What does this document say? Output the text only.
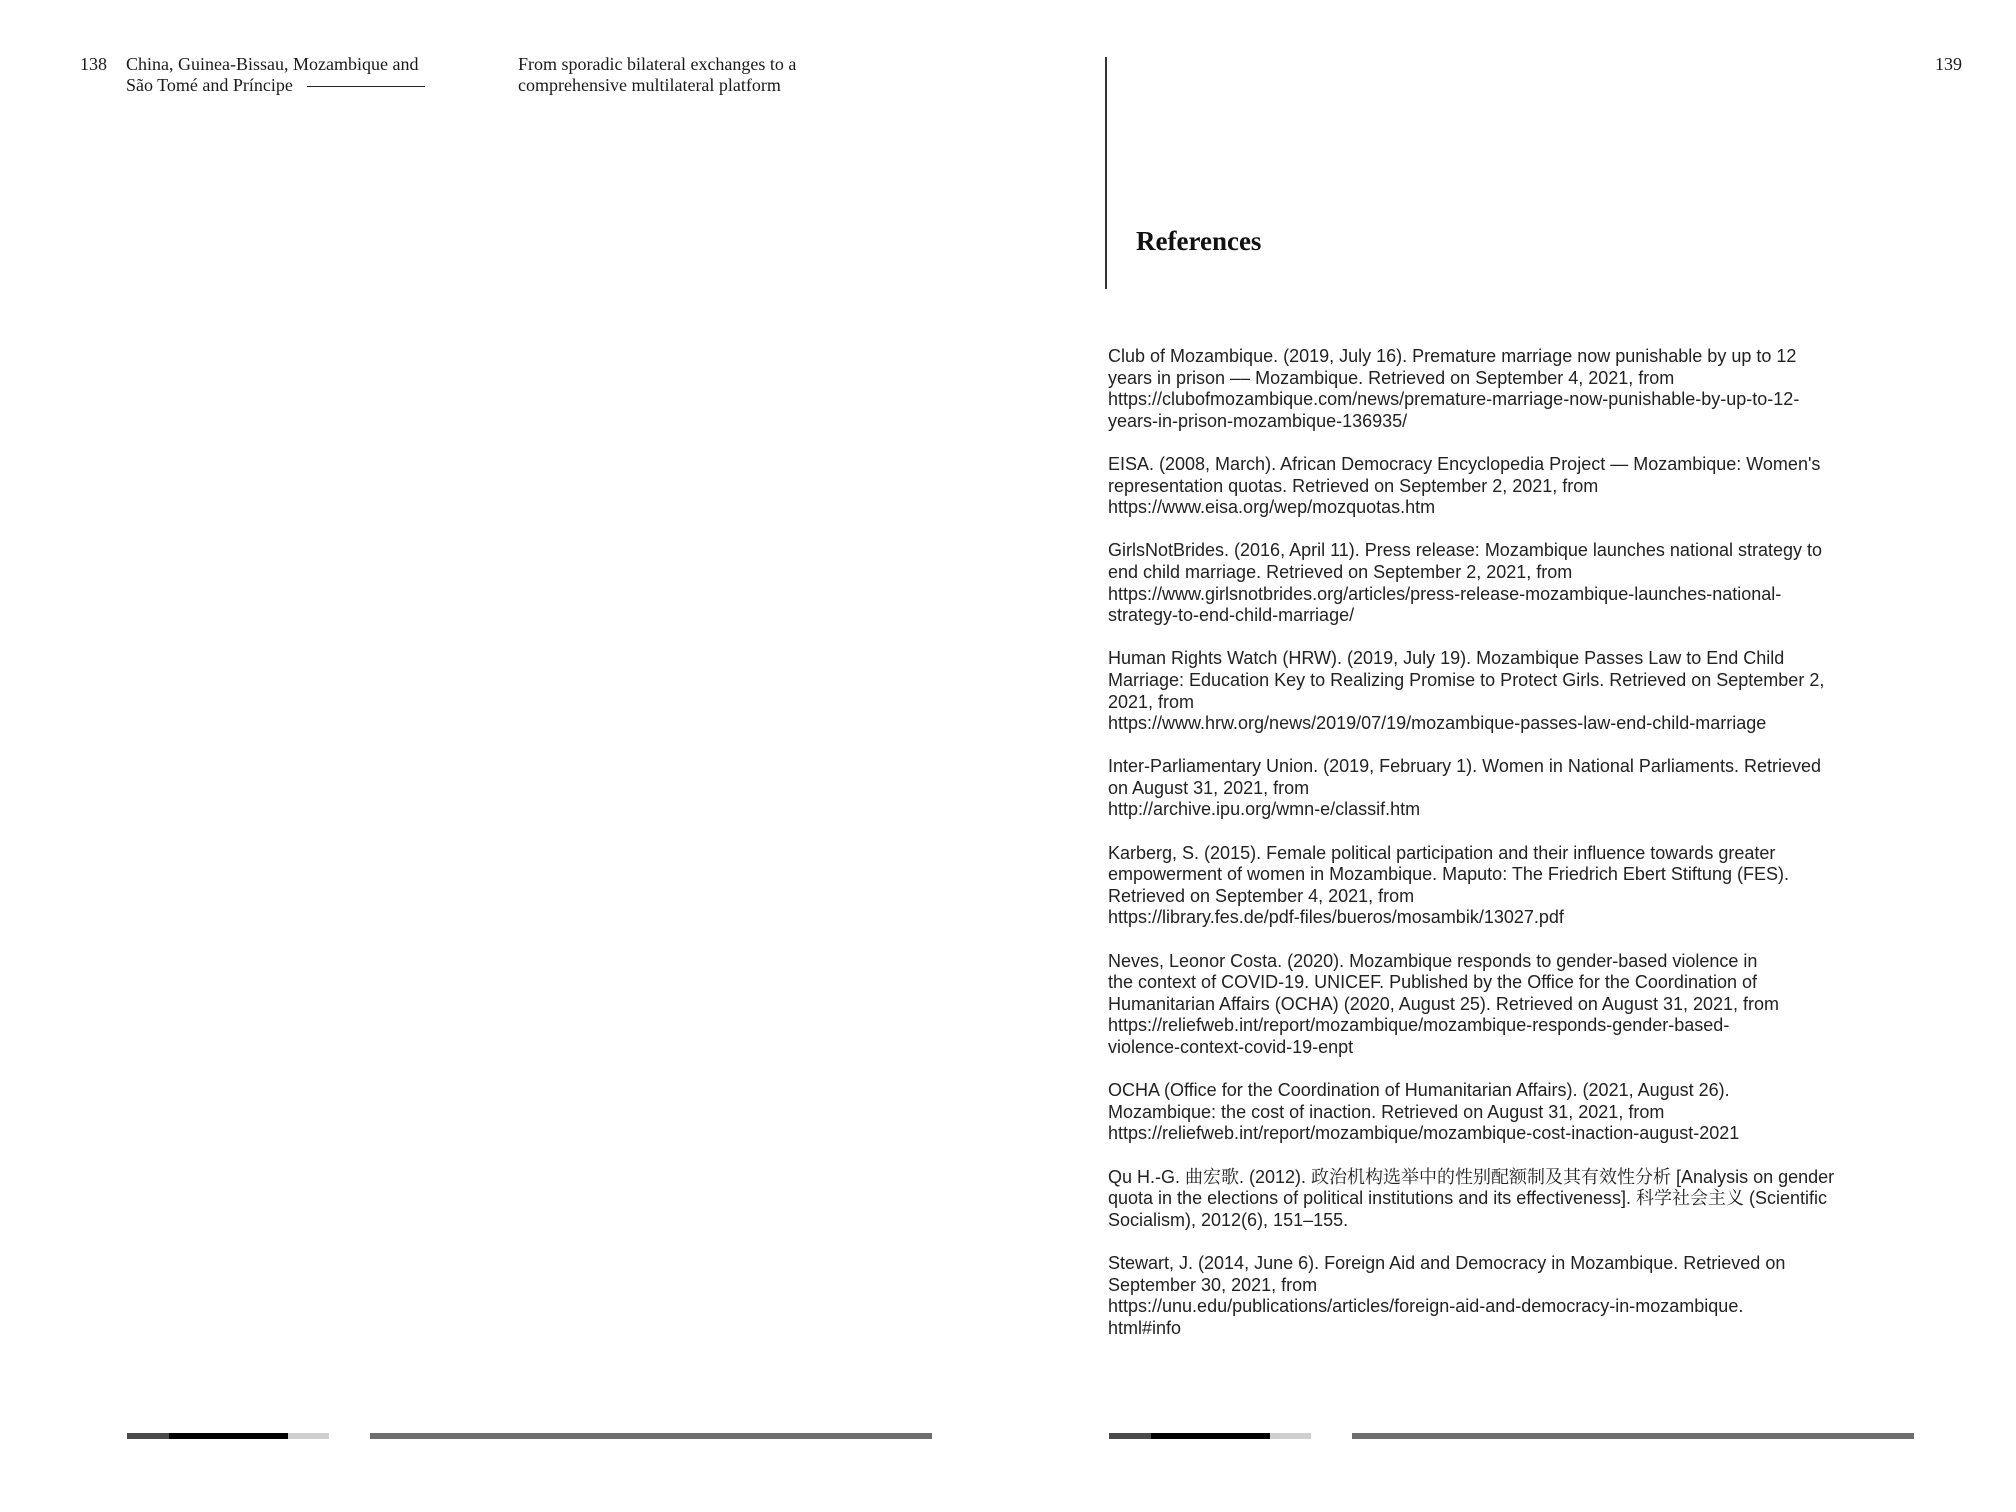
138 China, Guinea-Bissau, Mozambique and
São Tomé and Príncipe
From sporadic bilateral exchanges to a
comprehensive multilateral platform
139
References
Club of Mozambique. (2019, July 16). Premature marriage now punishable by up to 12
years in prison –– Mozambique. Retrieved on September 4, 2021, from
https://clubofmozambique.com/news/premature-marriage-now-punishable-by-up-to-12-
years-in-prison-mozambique-136935/
EISA. (2008, March). African Democracy Encyclopedia Project — Mozambique: Women's
representation quotas. Retrieved on September 2, 2021, from
https://www.eisa.org/wep/mozquotas.htm
GirlsNotBrides. (2016, April 11). Press release: Mozambique launches national strategy to
end child marriage. Retrieved on September 2, 2021, from
https://www.girlsnotbrides.org/articles/press-release-mozambique-launches-national-
strategy-to-end-child-marriage/
Human Rights Watch (HRW). (2019, July 19). Mozambique Passes Law to End Child
Marriage: Education Key to Realizing Promise to Protect Girls. Retrieved on September 2,
2021, from
https://www.hrw.org/news/2019/07/19/mozambique-passes-law-end-child-marriage
Inter-Parliamentary Union. (2019, February 1). Women in National Parliaments. Retrieved
on August 31, 2021, from
http://archive.ipu.org/wmn-e/classif.htm
Karberg, S. (2015). Female political participation and their influence towards greater
empowerment of women in Mozambique. Maputo: The Friedrich Ebert Stiftung (FES).
Retrieved on September 4, 2021, from
https://library.fes.de/pdf-files/bueros/mosambik/13027.pdf
Neves, Leonor Costa. (2020). Mozambique responds to gender-based violence in
the context of COVID-19. UNICEF. Published by the Office for the Coordination of
Humanitarian Affairs (OCHA) (2020, August 25). Retrieved on August 31, 2021, from
https://reliefweb.int/report/mozambique/mozambique-responds-gender-based-
violence-context-covid-19-enpt
OCHA (Office for the Coordination of Humanitarian Affairs). (2021, August 26).
Mozambique: the cost of inaction. Retrieved on August 31, 2021, from
https://reliefweb.int/report/mozambique/mozambique-cost-inaction-august-2021
Qu H.-G. 曲宏歌. (2012). 政治机构选举中的性别配额制及其有效性分析 [Analysis on gender
quota in the elections of political institutions and its effectiveness]. 科学社会主义 (Scientific
Socialism), 2012(6), 151–155.
Stewart, J. (2014, June 6). Foreign Aid and Democracy in Mozambique. Retrieved on
September 30, 2021, from
https://unu.edu/publications/articles/foreign-aid-and-democracy-in-mozambique.
html#info
